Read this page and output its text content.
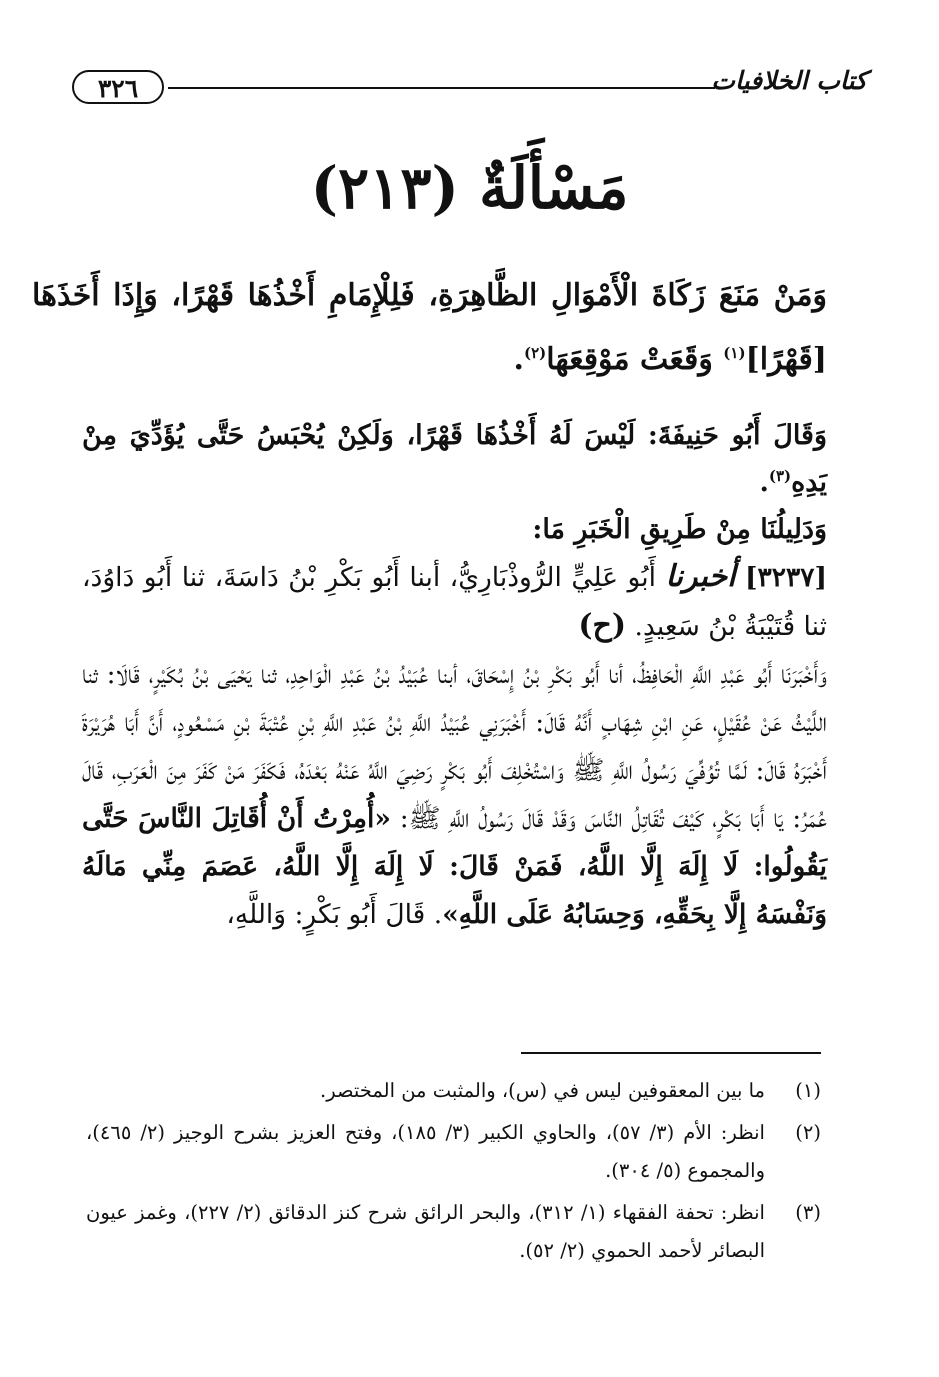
٣٢٦	كتاب الخلافيات
مَسْأَلَةٌ (٢١٣)

وَمَنْ مَنَعَ زَكَاةَ الْأَمْوَالِ الظَّاهِرَةِ، فَلِلْإِمَامِ أَخْذُهَا قَهْرًا، وَإِذَا أَخَذَهَا [قَهْرًا]$^{(١)}$ وَقَعَتْ مَوْقِعَهَا$^{(٢)}$.

وَقَالَ أَبُو حَنِيفَةَ: لَيْسَ لَهُ أَخْذُهَا قَهْرًا، وَلَكِنْ يُحْبَسُ حَتَّى يُؤَدِّيَ مِنْ يَدِهِ$^{(٣)}$.

وَدَلِيلُنَا مِنْ طَرِيقِ الْخَبَرِ مَا:

[٣٢٣٧] أخبرنا أَبُو عَلِيٍّ الرُّوذْبَارِيُّ، أبنا أَبُو بَكْرِ بْنُ دَاسَةَ، ثنا أَبُو دَاوُدَ، ثنا قُتَيْبَةُ بْنُ سَعِيدٍ. (ح)

وَأَخْبَرَنَا أَبُو عَبْدِ اللَّهِ الْحَافِظُ، أنا أَبُو بَكْرِ بْنُ إِسْحَاقَ، أبنا عُبَيْدُ بْنُ عَبْدِ الْوَاحِدِ، ثنا يَحْيَى بْنُ بُكَيْرٍ، قَالَا: ثنا اللَّيْثُ عَنْ عُقَيْلٍ، عَنِ ابْنِ شِهَابٍ أَنَّهُ قَالَ: أَخْبَرَنِي عُبَيْدُ اللَّهِ بْنُ عَبْدِ اللَّهِ بْنِ عُتْبَةَ بْنِ مَسْعُودٍ، أَنَّ أَبَا هُرَيْرَةَ أَخْبَرَهُ قَالَ: لَمَّا تُوُفِّيَ رَسُولُ اللَّهِ ﷺ وَاسْتُخْلِفَ أَبُو بَكْرٍ رَضِيَ اللَّهُ عَنْهُ بَعْدَهُ، فَكَفَرَ مَنْ كَفَرَ مِنَ الْعَرَبِ، قَالَ عُمَرُ: يَا أَبَا بَكْرٍ، كَيْفَ تُقَاتِلُ النَّاسَ وَقَدْ قَالَ رَسُولُ اللَّهِ ﷺ: «أُمِرْتُ أَنْ أُقَاتِلَ النَّاسَ حَتَّى يَقُولُوا: لَا إِلَهَ إِلَّا اللَّهُ، فَمَنْ قَالَ: لَا إِلَهَ إِلَّا اللَّهُ، عَصَمَ مِنِّي مَالَهُ وَنَفْسَهُ إِلَّا بِحَقِّهِ، وَحِسَابُهُ عَلَى اللَّهِ». قَالَ أَبُو بَكْرٍ: وَاللَّهِ،

(١)
ما بين المعقوفين ليس في (س)، والمثبت من المختصر.

(٢)
انظر: الأم (٣/ ٥٧)، والحاوي الكبير (٣/ ١٨٥)، وفتح العزيز بشرح الوجيز (٢/ ٤٦٥)، والمجموع (٥/ ٣٠٤).

(٣)
انظر: تحفة الفقهاء (١/ ٣١٢)، والبحر الرائق شرح كنز الدقائق (٢/ ٢٢٧)، وغمز عيون البصائر لأحمد الحموي (٢/ ٥٢).
